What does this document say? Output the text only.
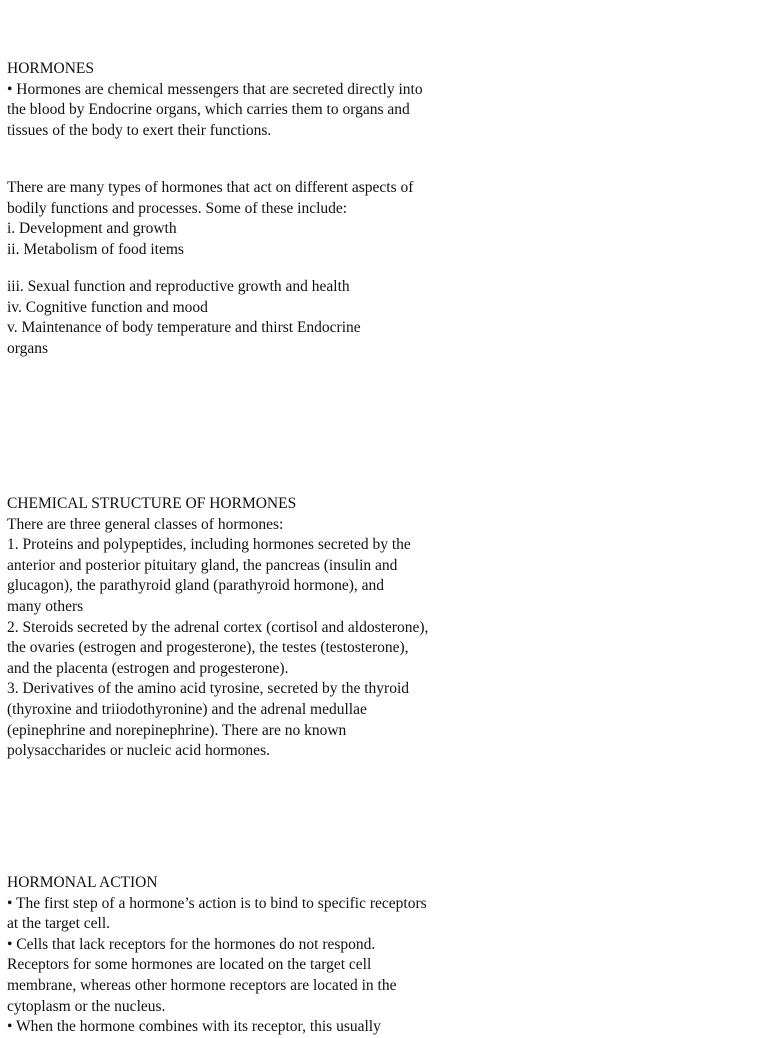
HORMONES
• Hormones are chemical messengers that are secreted directly into
the blood by Endocrine organs, which carries them to organs and
tissues of the body to exert their functions.
There are many types of hormones that act on different aspects of
bodily functions and processes. Some of these include:
i. Development and growth
ii. Metabolism of food items
iii. Sexual function and reproductive growth and health
iv. Cognitive function and mood
v. Maintenance of body temperature and thirst Endocrine
organs
CHEMICAL STRUCTURE OF HORMONES
There are three general classes of hormones:
1. Proteins and polypeptides, including hormones secreted by the
anterior and posterior pituitary gland, the pancreas (insulin and
glucagon), the parathyroid gland (parathyroid hormone), and
many others
2. Steroids secreted by the adrenal cortex (cortisol and aldosterone),
the ovaries (estrogen and progesterone), the testes (testosterone),
and the placenta (estrogen and progesterone).
3. Derivatives of the amino acid tyrosine, secreted by the thyroid
(thyroxine and triiodothyronine) and the adrenal medullae
(epinephrine and norepinephrine). There are no known
polysaccharides or nucleic acid hormones.
HORMONAL ACTION
• The first step of a hormone’s action is to bind to specific receptors
at the target cell.
• Cells that lack receptors for the hormones do not respond.
Receptors for some hormones are located on the target cell
membrane, whereas other hormone receptors are located in the
cytoplasm or the nucleus.
• When the hormone combines with its receptor, this usually
